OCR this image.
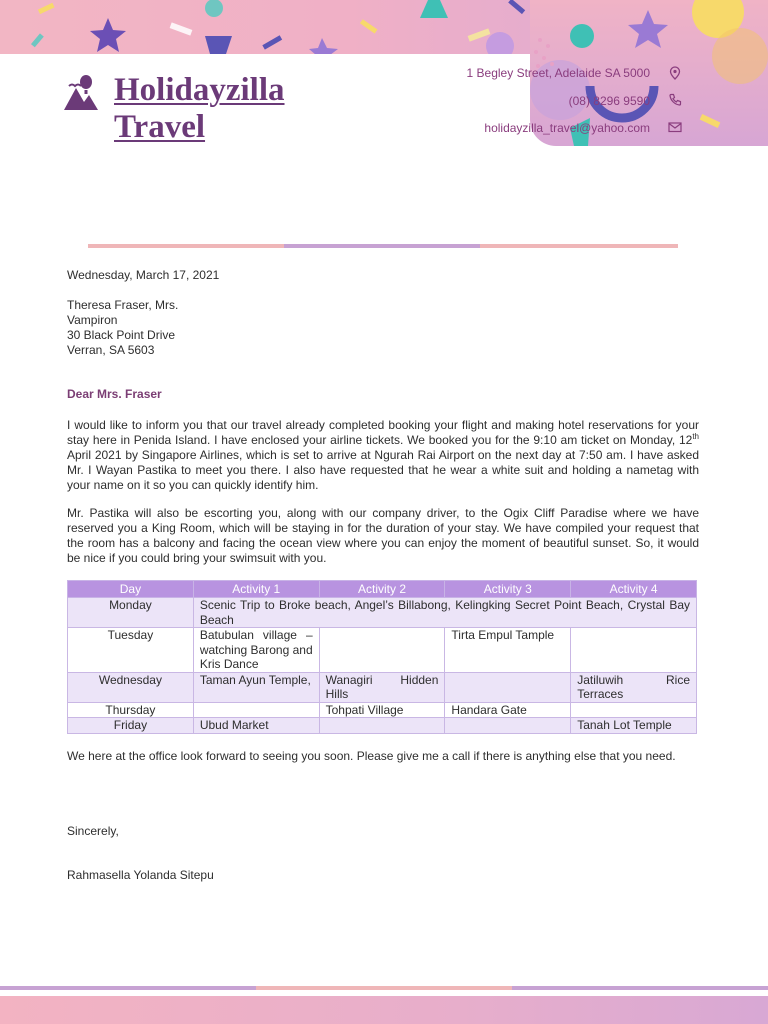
Holidayzilla
Travel
1 Begley Street, Adelaide SA 5000
(08) 8296 9590
holidayzilla_travel@yahoo.com
Wednesday, March 17, 2021
Theresa Fraser, Mrs.
Vampiron
30 Black Point Drive
Verran, SA 5603
Dear Mrs. Fraser
I would like to inform you that our travel already completed booking your flight and making hotel reservations for your stay here in Penida Island. I have enclosed your airline tickets. We booked you for the 9:10 am ticket on Monday, 12th April 2021 by Singapore Airlines, which is set to arrive at Ngurah Rai Airport on the next day at 7:50 am. I have asked Mr. I Wayan Pastika to meet you there. I also have requested that he wear a white suit and holding a nametag with your name on it so you can quickly identify him.
Mr. Pastika will also be escorting you, along with our company driver, to the Ogix Cliff Paradise where we have reserved you a King Room, which will be staying in for the duration of your stay. We have compiled your request that the room has a balcony and facing the ocean view where you can enjoy the moment of beautiful sunset. So, it would be nice if you could bring your swimsuit with you.
Day	Activity 1	Activity 2	Activity 3	Activity 4
Monday	Scenic Trip to Broke beach, Angel’s Billabong, Kelingking Secret Point Beach, Crystal Bay Beach			
Tuesday	Batubulan village – watching Barong and Kris Dance		Tirta Empul Tample	
Wednesday	Taman Ayun Temple,	Wanagiri Hidden Hills		Jatiluwih Rice Terraces
Thursday		Tohpati Village	Handara Gate	
Friday	Ubud Market			Tanah Lot Temple
We here at the office look forward to seeing you soon. Please give me a call if there is anything else that you need.
Sincerely,
Rahmasella Yolanda Sitepu
